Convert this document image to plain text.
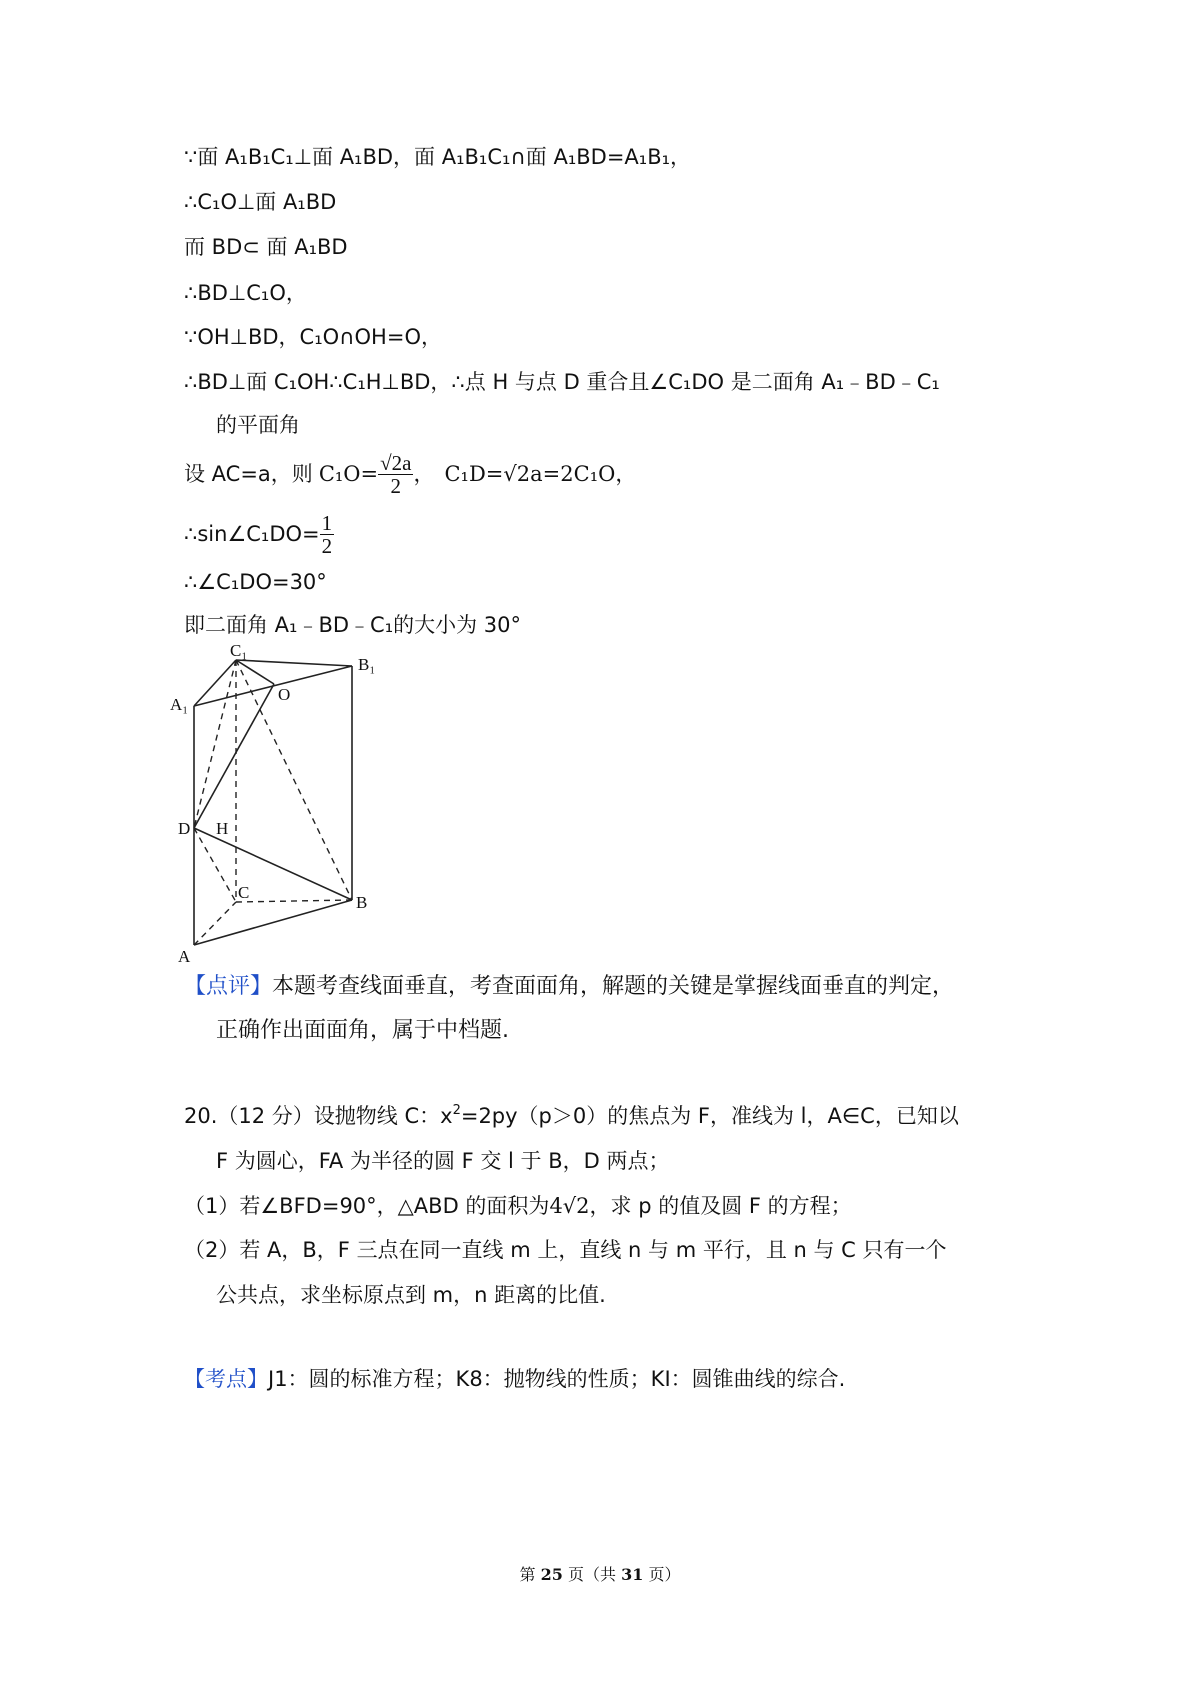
∵面 A₁B₁C₁⊥面 A₁BD，面 A₁B₁C₁∩面 A₁BD=A₁B₁，
∴C₁O⊥面 A₁BD
而 BD⊂ 面 A₁BD
∴BD⊥C₁O，
∵OH⊥BD，C₁O∩OH=O，
∴BD⊥面 C₁OH∴C₁H⊥BD，∴点 H 与点 D 重合且∠C₁DO 是二面角 A₁﹣BD﹣C₁
的平面角
设 AC=a，则 $C_1O= \frac{√2a}{2}$ ， C₁D=√2a=2C₁O ，
∴sin∠C₁DO= $\frac{1}{2}$
∴∠C₁DO=30°
即二面角 A₁﹣BD﹣C₁的大小为 30°
C₁
B₁
A₁
O
D H
C
B
A
【点评】本题考查线面垂直，考查面面角，解题的关键是掌握线面垂直的判定，
正确作出面面角，属于中档题.
20.（12 分）设抛物线 C：$x^2=2py(p>0)$的焦点为 F，准线为 l，A∈C，已知以
F 为圆心，FA 为半径的圆 F 交 l 于 B，D 两点；
（1）若∠BFD=90°，△ABD 的面积为4√2，求 p 的值及圆 F 的方程；
（2）若 A，B，F 三点在同一直线 m 上，直线 n 与 m 平行，且 n 与 C 只有一个
公共点，求坐标原点到 m，n 距离的比值.
【考点】J1：圆的标准方程；K8：抛物线的性质；KI：圆锥曲线的综合.
第 25 页（共 31 页）
